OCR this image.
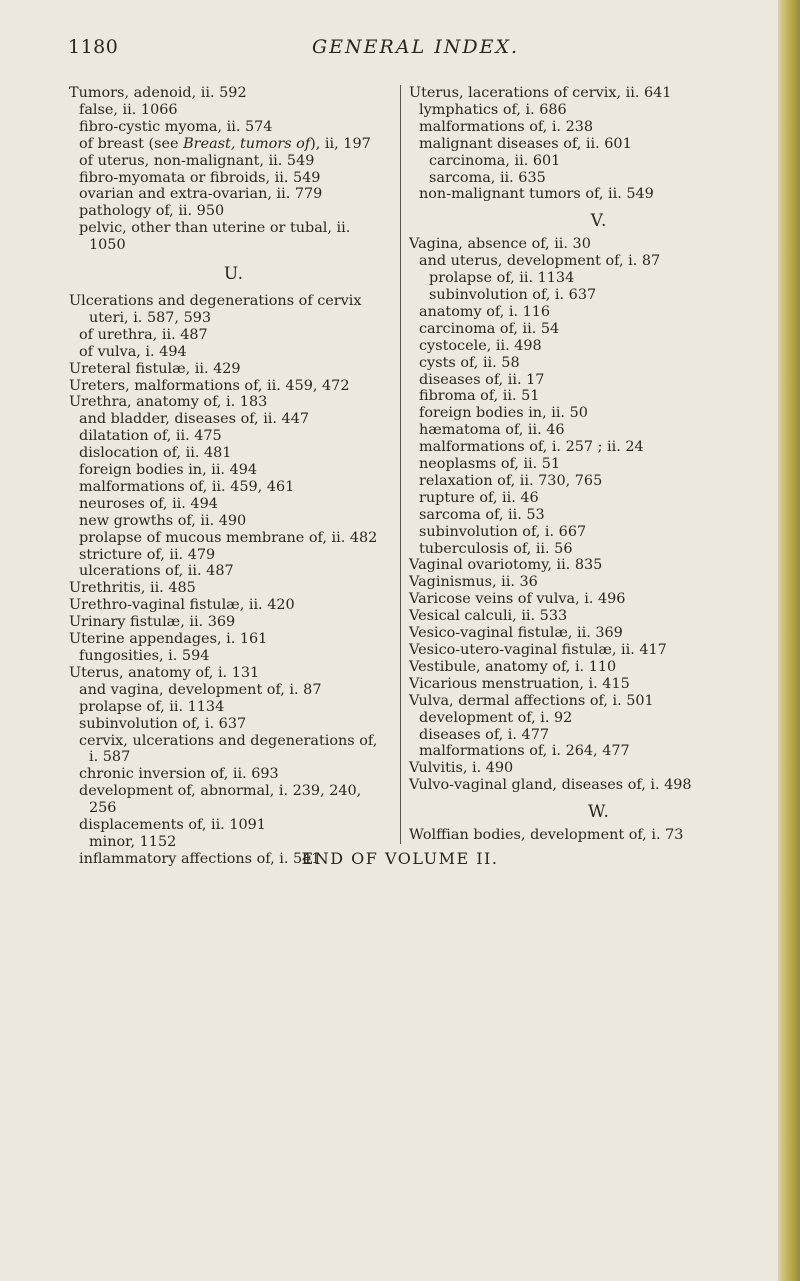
1180	GENERAL INDEX.
Tumors, adenoid, ii. 592
false, ii. 1066
fibro-cystic myoma, ii. 574
of breast (see Breast, tumors of), ii, 197
of uterus, non-malignant, ii. 549
fibro-myomata or fibroids, ii. 549
ovarian and extra-ovarian, ii. 779
pathology of, ii. 950
pelvic, other than uterine or tubal, ii.
1050
U.
Ulcerations and degenerations of cervix
uteri, i. 587, 593
of urethra, ii. 487
of vulva, i. 494
Ureteral fistulæ, ii. 429
Ureters, malformations of, ii. 459, 472
Urethra, anatomy of, i. 183
and bladder, diseases of, ii. 447
dilatation of, ii. 475
dislocation of, ii. 481
foreign bodies in, ii. 494
malformations of, ii. 459, 461
neuroses of, ii. 494
new growths of, ii. 490
prolapse of mucous membrane of, ii. 482
stricture of, ii. 479
ulcerations of, ii. 487
Urethritis, ii. 485
Urethro-vaginal fistulæ, ii. 420
Urinary fistulæ, ii. 369
Uterine appendages, i. 161
fungosities, i. 594
Uterus, anatomy of, i. 131
and vagina, development of, i. 87
prolapse of, ii. 1134
subinvolution of, i. 637
cervix, ulcerations and degenerations of,
i. 587
chronic inversion of, ii. 693
development of, abnormal, i. 239, 240,
256
displacements of, ii. 1091
minor, 1152
inflammatory affections of, i. 541
Uterus, lacerations of cervix, ii. 641
lymphatics of, i. 686
malformations of, i. 238
malignant diseases of, ii. 601
carcinoma, ii. 601
sarcoma, ii. 635
non-malignant tumors of, ii. 549
V.
Vagina, absence of, ii. 30
and uterus, development of, i. 87
prolapse of, ii. 1134
subinvolution of, i. 637
anatomy of, i. 116
carcinoma of, ii. 54
cystocele, ii. 498
cysts of, ii. 58
diseases of, ii. 17
fibroma of, ii. 51
foreign bodies in, ii. 50
hæmatoma of, ii. 46
malformations of, i. 257 ; ii. 24
neoplasms of, ii. 51
relaxation of, ii. 730, 765
rupture of, ii. 46
sarcoma of, ii. 53
subinvolution of, i. 667
tuberculosis of, ii. 56
Vaginal ovariotomy, ii. 835
Vaginismus, ii. 36
Varicose veins of vulva, i. 496
Vesical calculi, ii. 533
Vesico-vaginal fistulæ, ii. 369
Vesico-utero-vaginal fistulæ, ii. 417
Vestibule, anatomy of, i. 110
Vicarious menstruation, i. 415
Vulva, dermal affections of, i. 501
development of, i. 92
diseases of, i. 477
malformations of, i. 264, 477
Vulvitis, i. 490
Vulvo-vaginal gland, diseases of, i. 498
W.
Wolffian bodies, development of, i. 73
END OF VOLUME II.
